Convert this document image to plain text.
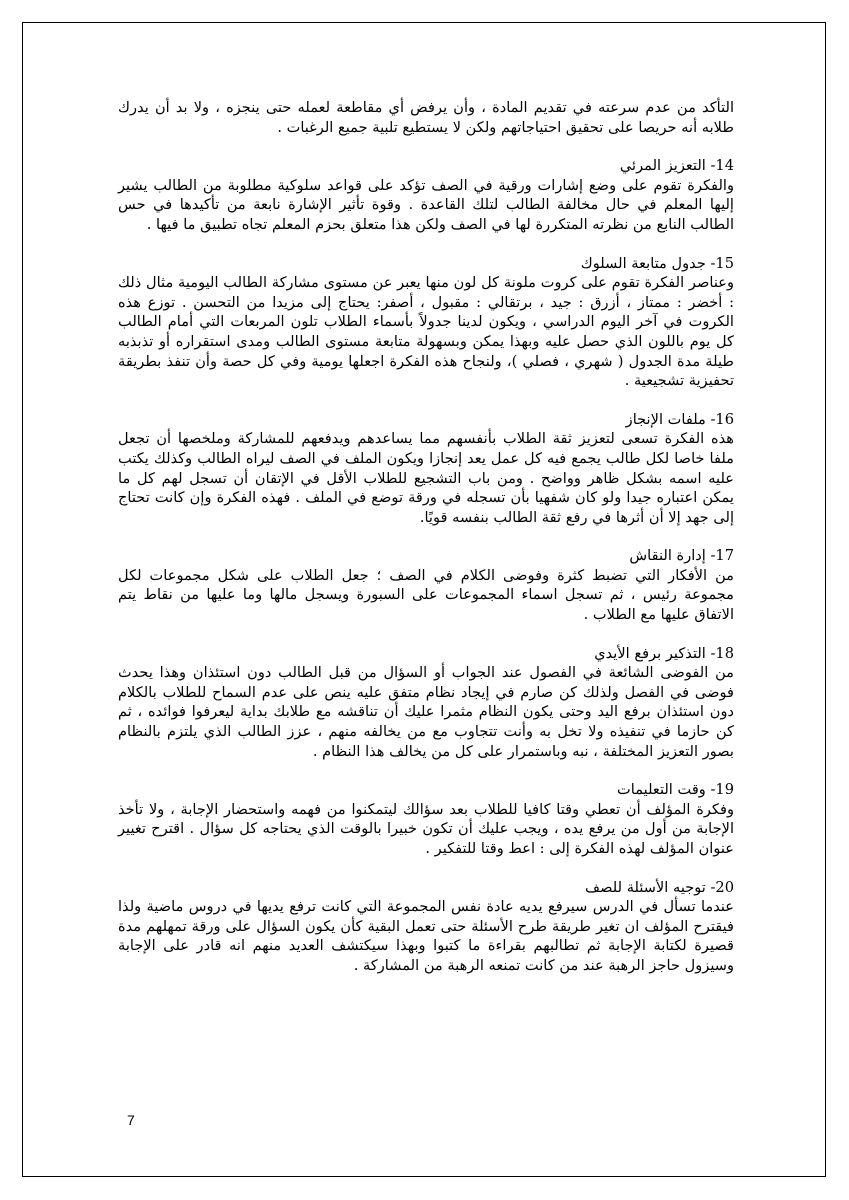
التأكد من عدم سرعته في تقديم المادة ، وأن يرفض أي مقاطعة لعمله حتى ينجزه ، ولا بد أن يدرك طلابه أنه حريصا على تحقيق احتياجاتهم ولكن لا يستطيع تلبية جميع الرغبات .

14- التعزيز المرئي
والفكرة تقوم على وضع إشارات ورقية في الصف تؤكد على قواعد سلوكية مطلوبة من الطالب يشير إليها المعلم في حال مخالفة الطالب لتلك القاعدة . وقوة تأثير الإشارة نابعة من تأكيدها في حس الطالب النابع من نظرته المتكررة لها في الصف ولكن هذا متعلق بحزم المعلم تجاه تطبيق ما فيها .
15- جدول متابعة السلوك
وعناصر الفكرة تقوم على كروت ملونة كل لون منها يعبر عن مستوى مشاركة الطالب اليومية مثال ذلك : أخضر : ممتاز ، أزرق : جيد ، برتقالي : مقبول ، أصفر: يحتاج إلى مزيدا من التحسن . توزع هذه الكروت في آخر اليوم الدراسي ، ويكون لدينا جدولاً بأسماء الطلاب تلون المربعات التي أمام الطالب كل يوم باللون الذي حصل عليه وبهذا يمكن وبسهولة متابعة مستوى الطالب ومدى استقراره أو تذبذبه طيلة مدة الجدول ( شهري ، فصلي )، ولنجاح هذه الفكرة اجعلها يومية وفي كل حصة وأن تنفذ بطريقة تحفيزية تشجيعية .
16- ملفات الإنجاز
هذه الفكرة تسعى لتعزيز ثقة الطلاب بأنفسهم مما يساعدهم ويدفعهم للمشاركة وملخصها أن تجعل ملفا خاصا لكل طالب يجمع فيه كل عمل يعد إنجازا ويكون الملف في الصف ليراه الطالب وكذلك يكتب عليه اسمه بشكل ظاهر وواضح . ومن باب التشجيع للطلاب الأقل في الإتقان أن تسجل لهم كل ما يمكن اعتباره جيدا ولو كان شفهيا بأن تسجله في ورقة توضع في الملف . فهذه الفكرة وإن كانت تحتاج إلى جهد إلا أن أثرها في رفع ثقة الطالب بنفسه قويًا.
17- إدارة النقاش
من الأفكار التي تضبط كثرة وفوضى الكلام في الصف ؛ جعل الطلاب على شكل مجموعات لكل مجموعة رئيس ، ثم تسجل اسماء المجموعات على السبورة ويسجل مالها وما عليها من نقاط يتم الاتفاق عليها مع الطلاب .
18- التذكير برفع الأيدي
من الفوضى الشائعة في الفصول عند الجواب أو السؤال من قبل الطالب دون استئذان وهذا يحدث فوضى في الفصل ولذلك كن صارم في إيجاد نظام متفق عليه ينص على عدم السماح للطلاب بالكلام دون استئذان برفع اليد وحتى يكون النظام مثمرا عليك أن تناقشه مع طلابك بداية ليعرفوا فوائده ، ثم كن حازما في تنفيذه ولا تخل به وأنت تتجاوب مع من يخالفه منهم ، عزز الطالب الذي يلتزم بالنظام بصور التعزيز المختلفة ، نبه وباستمرار على كل من يخالف هذا النظام .
19- وقت التعليمات
وفكرة المؤلف أن تعطي وقتا كافيا للطلاب بعد سؤالك ليتمكنوا من فهمه واستحضار الإجابة ، ولا تأخذ الإجابة من أول من يرفع يده ، ويجب عليك أن تكون خبيرا بالوقت الذي يحتاجه كل سؤال . اقترح تغيير عنوان المؤلف لهذه الفكرة إلى : اعط وقتا للتفكير .
20- توجيه الأسئلة للصف
عندما تسأل في الدرس سيرفع يديه عادة نفس المجموعة التي كانت ترفع يديها في دروس ماضية ولذا فيقترح المؤلف ان تغير طريقة طرح الأسئلة حتى تعمل البقية كأن يكون السؤال على ورقة تمهلهم مدة قصيرة لكتابة الإجابة ثم تطالبهم بقراءة ما كتبوا وبهذا سيكتشف العديد منهم انه قادر على الإجابة وسيزول حاجز الرهبة عند من كانت تمنعه الرهبة من المشاركة .
7
